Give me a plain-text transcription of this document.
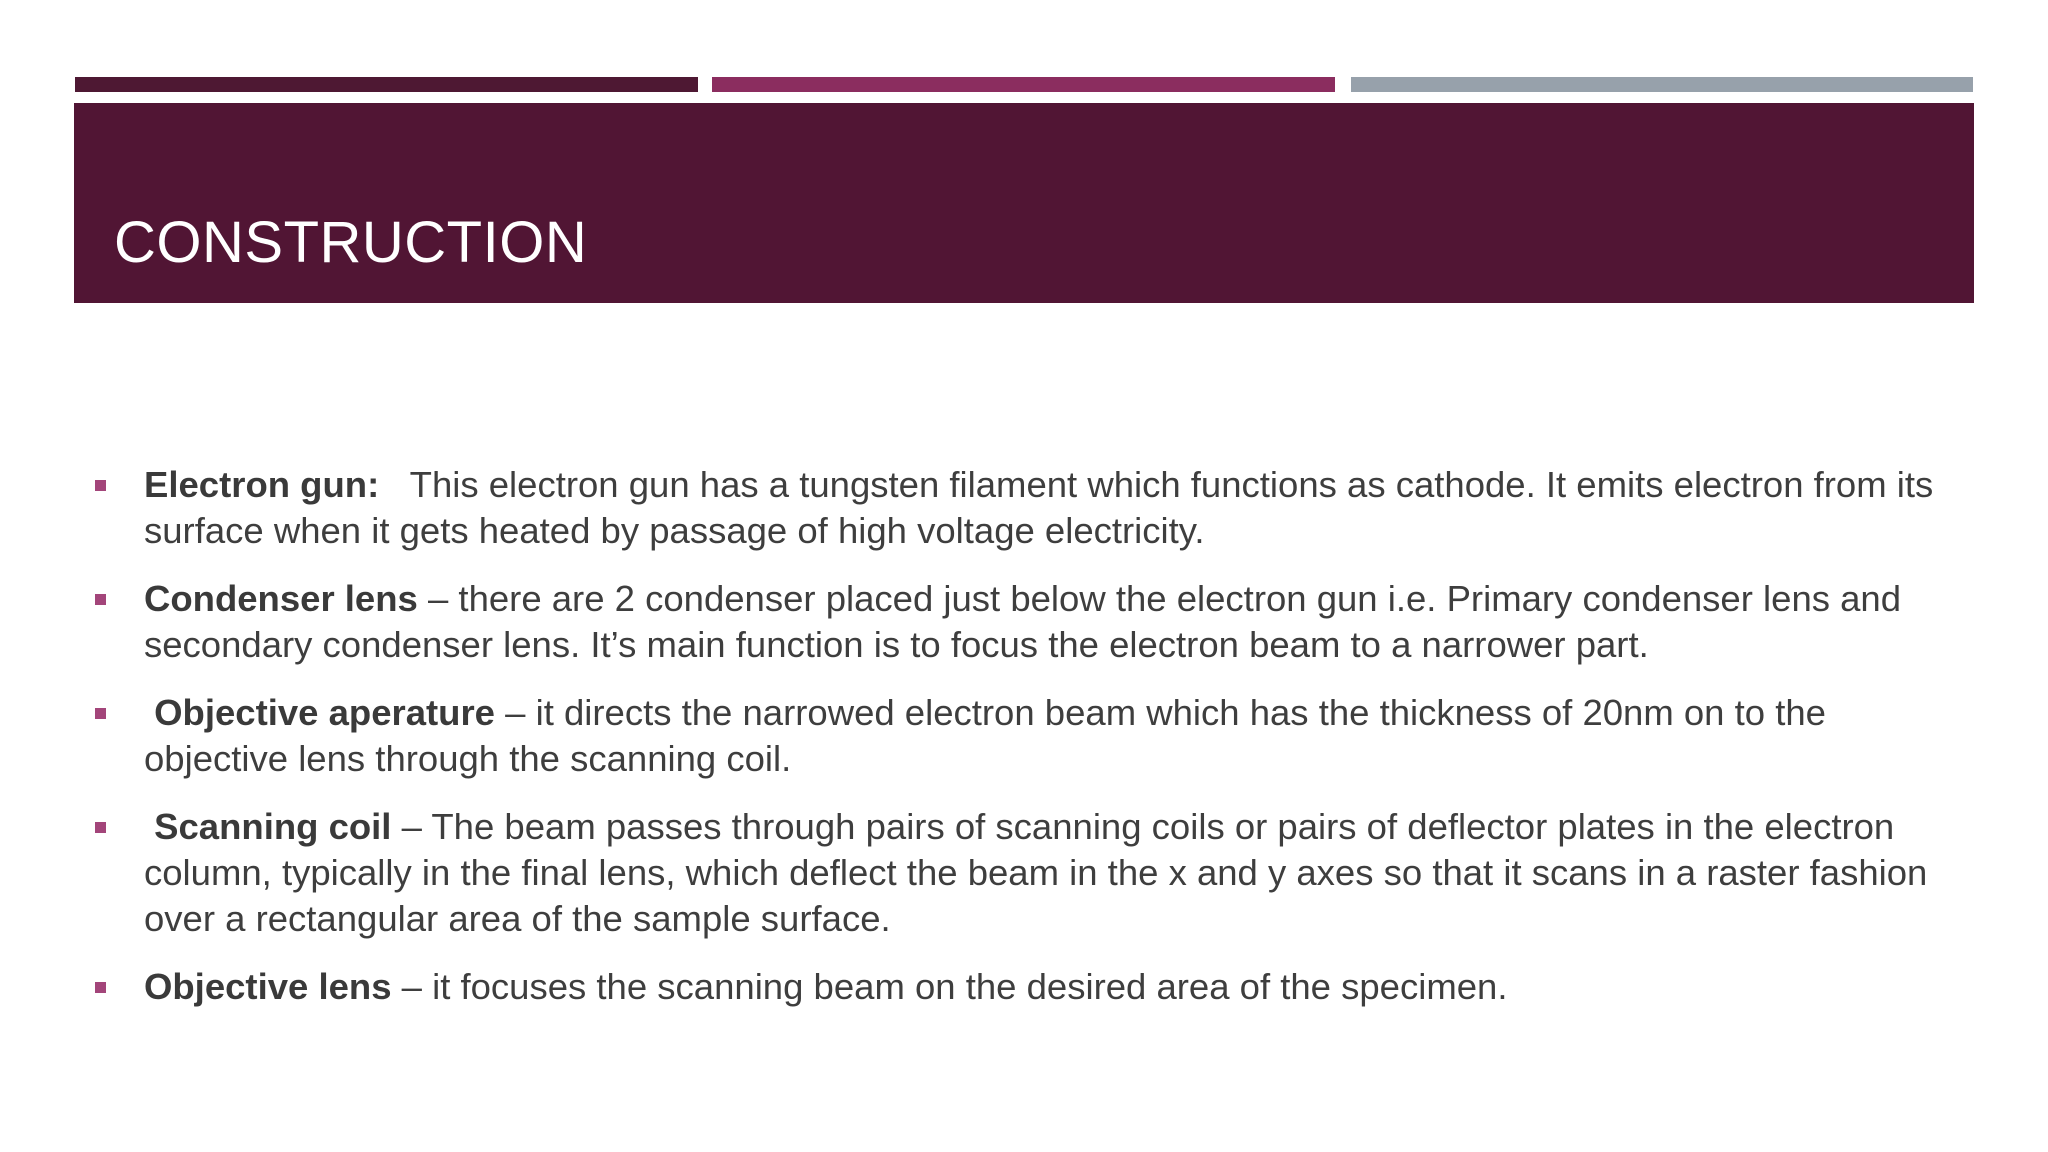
CONSTRUCTION
Electron gun: This electron gun has a tungsten filament which functions as cathode. It emits electron from its surface when it gets heated by passage of high voltage electricity.
Condenser lens – there are 2 condenser placed just below the electron gun i.e. Primary condenser lens and secondary condenser lens. It’s main function is to focus the electron beam to a narrower part.
Objective aperature – it directs the narrowed electron beam which has the thickness of 20nm on to the objective lens through the scanning coil.
Scanning coil – The beam passes through pairs of scanning coils or pairs of deflector plates in the electron column, typically in the final lens, which deflect the beam in the x and y axes so that it scans in a raster fashion over a rectangular area of the sample surface.
Objective lens – it focuses the scanning beam on the desired area of the specimen.
